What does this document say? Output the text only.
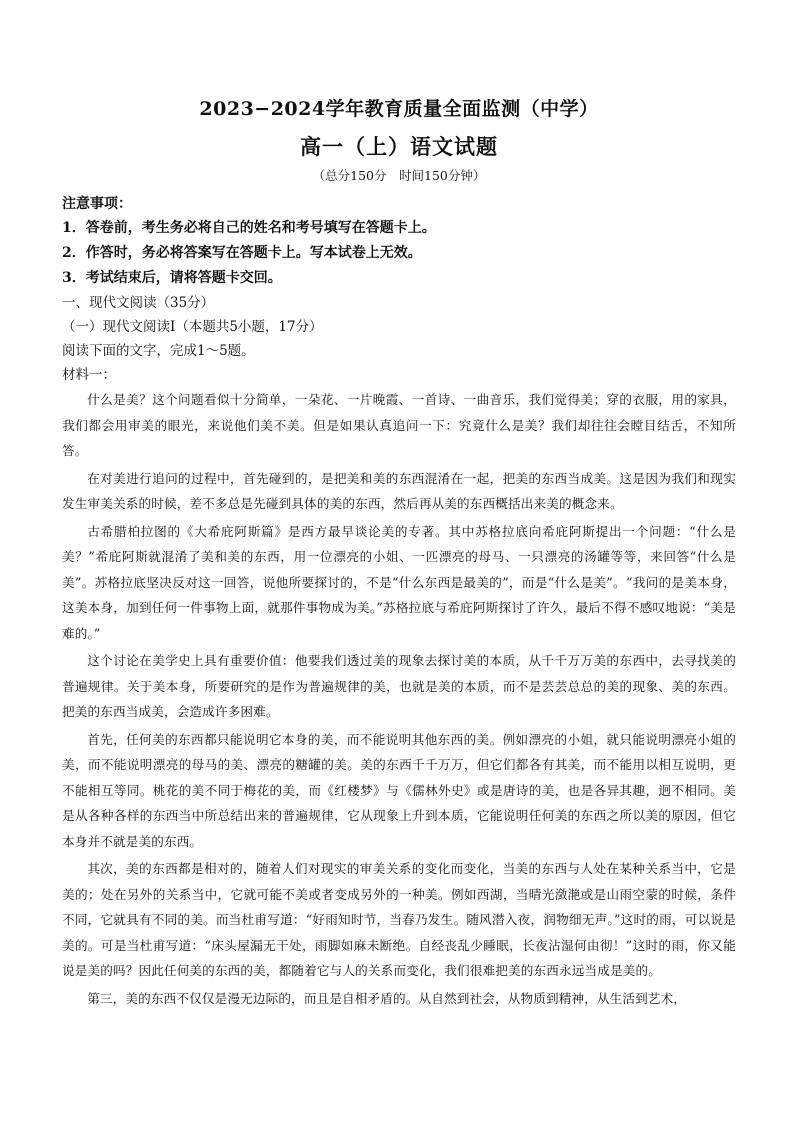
2023−2024学年教育质量全面监测（中学）
高一（上）语文试题
（总分150分　时间150分钟）
注意事项：
1．答卷前，考生务必将自己的姓名和考号填写在答题卡上。
2．作答时，务必将答案写在答题卡上。写本试卷上无效。
3．考试结束后，请将答题卡交回。
一、现代文阅读（35分）
（一）现代文阅读Ⅰ（本题共5小题，17分）
阅读下面的文字，完成1～5题。
材料一：

什么是美？这个问题看似十分简单，一朵花、一片晚霞、一首诗、一曲音乐，我们觉得美；穿的衣服，用的家具，我们都会用审美的眼光，来说他们美不美。但是如果认真追问一下：究竟什么是美？我们却往往会瞠目结舌，不知所答。

在对美进行追问的过程中，首先碰到的，是把美和美的东西混淆在一起，把美的东西当成美。这是因为我们和现实发生审美关系的时候，差不多总是先碰到具体的美的东西，然后再从美的东西概括出来美的概念来。

古希腊柏拉图的《大希庇阿斯篇》是西方最早谈论美的专著。其中苏格拉底向希庇阿斯提出一个问题：“什么是美？”希庇阿斯就混淆了美和美的东西，用一位漂亮的小姐、一匹漂亮的母马、一只漂亮的汤罐等等，来回答“什么是美”。苏格拉底坚决反对这一回答，说他所要探讨的，不是“什么东西是最美的”，而是“什么是美”。“我问的是美本身，这美本身，加到任何一件事物上面，就那件事物成为美。”苏格拉底与希庇阿斯探讨了许久，最后不得不感叹地说：“美是难的。”

这个讨论在美学史上具有重要价值：他要我们透过美的现象去探讨美的本质，从千千万万美的东西中，去寻找美的普遍规律。关于美本身，所要研究的是作为普遍规律的美，也就是美的本质，而不是芸芸总总的美的现象、美的东西。把美的东西当成美，会造成许多困难。

首先，任何美的东西都只能说明它本身的美，而不能说明其他东西的美。例如漂亮的小姐，就只能说明漂亮小姐的美，而不能说明漂亮的母马的美、漂亮的糖罐的美。美的东西千千万万，但它们都各有其美，而不能用以相互说明，更不能相互等同。桃花的美不同于梅花的美，而《红楼梦》与《儒林外史》或是唐诗的美，也是各异其趣，迥不相同。美是从各种各样的东西当中所总结出来的普遍规律，它从现象上升到本质，它能说明任何美的东西之所以美的原因，但它本身并不就是美的东西。

其次，美的东西都是相对的，随着人们对现实的审美关系的变化而变化，当美的东西与人处在某种关系当中，它是美的；处在另外的关系当中，它就可能不美或者变成另外的一种美。例如西湖，当晴光潋滟或是山雨空蒙的时候，条件不同，它就具有不同的美。而当杜甫写道：“好雨知时节，当春乃发生。随风潜入夜，润物细无声。”这时的雨，可以说是美的。可是当杜甫写道：“床头屋漏无干处，雨脚如麻未断绝。自经丧乱少睡眠，长夜沾湿何由彻！”这时的雨，你又能说是美的吗？因此任何美的东西的美，都随着它与人的关系而变化，我们很难把美的东西永远当成是美的。

第三，美的东西不仅仅是漫无边际的，而且是自相矛盾的。从自然到社会，从物质到精神，从生活到艺术，
